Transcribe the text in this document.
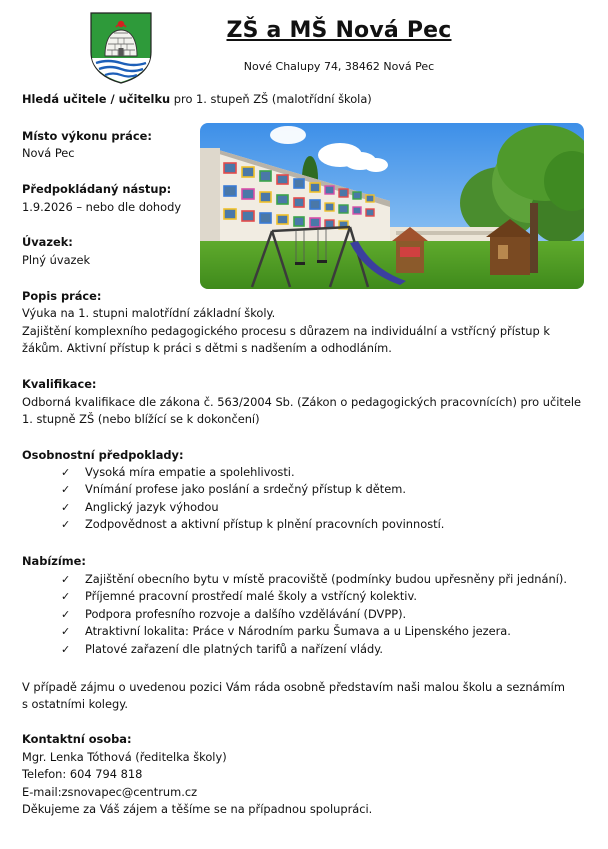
ZŠ a MŠ Nová Pec
Nové Chalupy 74, 38462 Nová Pec
Hledá učitele / učitelku pro 1. stupeň ZŠ (malotřídní škola)
Místo výkonu práce:
Nová Pec
Předpokládaný nástup:
1.9.2026 – nebo dle dohody
Úvazek:
Plný úvazek
Popis práce:
Výuka na 1. stupni malotřídní základní školy.
Zajištění komplexního pedagogického procesu s důrazem na individuální a vstřícný přístup k
žákům. Aktivní přístup k práci s dětmi s nadšením a odhodláním.
Kvalifikace:
Odborná kvalifikace dle zákona č. 563/2004 Sb. (Zákon o pedagogických pracovnících) pro učitele
1. stupně ZŠ (nebo blížící se k dokončení)
Osobnostní předpoklady:
✓ Vysoká míra empatie a spolehlivosti.
✓ Vnímání profese jako poslání a srdečný přístup k dětem.
✓ Anglický jazyk výhodou
✓ Zodpovědnost a aktivní přístup k plnění pracovních povinností.
Nabízíme:
✓ Zajištění obecního bytu v místě pracoviště (podmínky budou upřesněny při jednání).
✓ Příjemné pracovní prostředí malé školy a vstřícný kolektiv.
✓ Podpora profesního rozvoje a dalšího vzdělávání (DVPP).
✓ Atraktivní lokalita: Práce v Národním parku Šumava a u Lipenského jezera.
✓ Platové zařazení dle platných tarifů a nařízení vlády.
V případě zájmu o uvedenou pozici Vám ráda osobně představím naši malou školu a seznámím
s ostatními kolegy.
Kontaktní osoba:
Mgr. Lenka Tóthová (ředitelka školy)
Telefon: 604 794 818
E-mail:zsnovapec@centrum.cz
Děkujeme za Váš zájem a těšíme se na případnou spolupráci.
